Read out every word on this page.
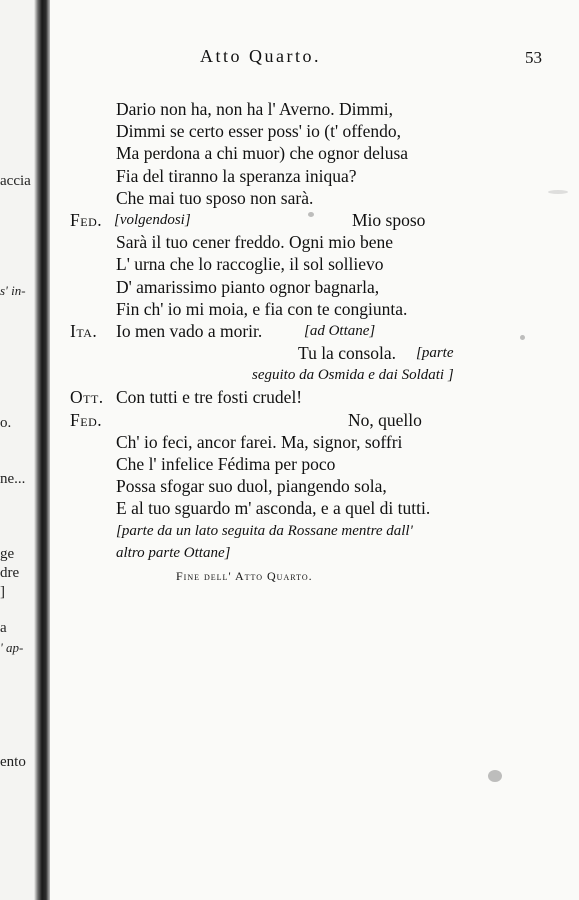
accia
s' in-
o.
ne...
ge
dre
]
a
' ap-
ento
Atto Quarto.	53
Dario non ha, non ha l' Averno. Dimmi,
Dimmi se certo esser poss' io (t' offendo,
Ma perdona a chi muor) che ognor delusa
Fia del tiranno la speranza iniqua?
Che mai tuo sposo non sarà.
Fed. [volgendosi]	Mio sposo
Sarà il tuo cener freddo. Ogni mio bene
L' urna che lo raccoglie, il sol sollievo
D' amarissimo pianto ognor bagnarla,
Fin ch' io mi moia, e fia con te congiunta.
Ita. Io men vado a morir.	[ad Ottane]
Tu la consola. [parte
seguito da Osmida e dai Soldati ]
Ott. Con tutti e tre fosti crudel!
Fed.	No, quello
Ch' io feci, ancor farei. Ma, signor, soffri
Che l' infelice Fédima per poco
Possa sfogar suo duol, piangendo sola,
E al tuo sguardo m' asconda, e a quel di tutti.
[parte da un lato seguita da Rossane mentre dall'
altro parte Ottane]
Fine dell' Atto Quarto.
